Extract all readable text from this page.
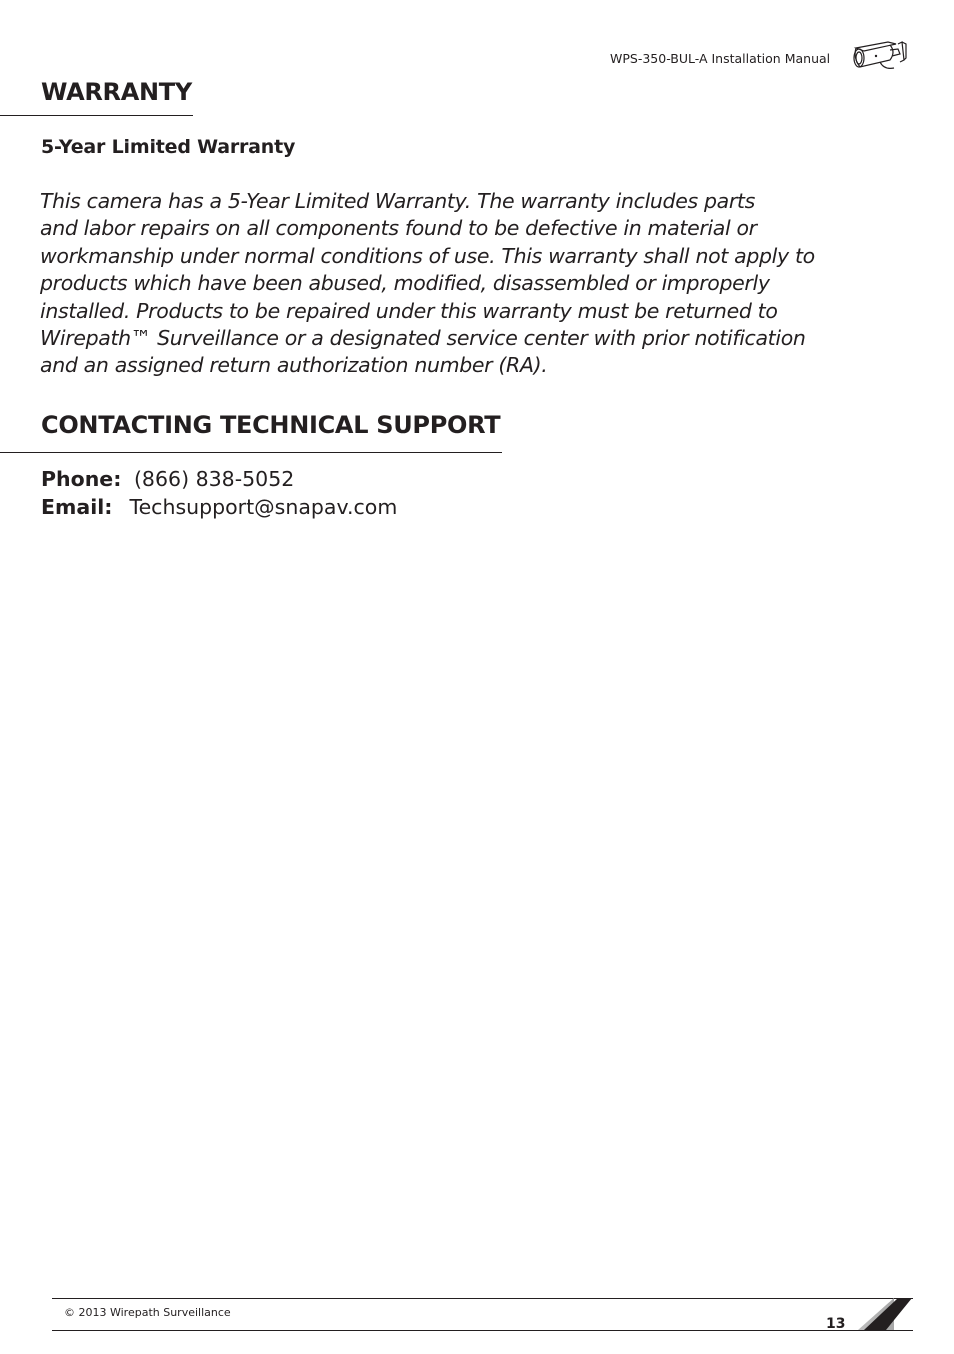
WPS-350-BUL-A Installation Manual
WARRANTY
5-Year Limited Warranty

This camera has a 5-Year Limited Warranty. The warranty includes parts
and labor repairs on all components found to be defective in material or
workmanship under normal conditions of use. This warranty shall not apply to
products which have been abused, modified, disassembled or improperly
installed. Products to be repaired under this warranty must be returned to
Wirepath™ Surveillance or a designated service center with prior notification
and an assigned return authorization number (RA).

CONTACTING TECHNICAL SUPPORT
Phone: (866) 838-5052
Email: Techsupport@snapav.com
© 2013 Wirepath Surveillance
13
